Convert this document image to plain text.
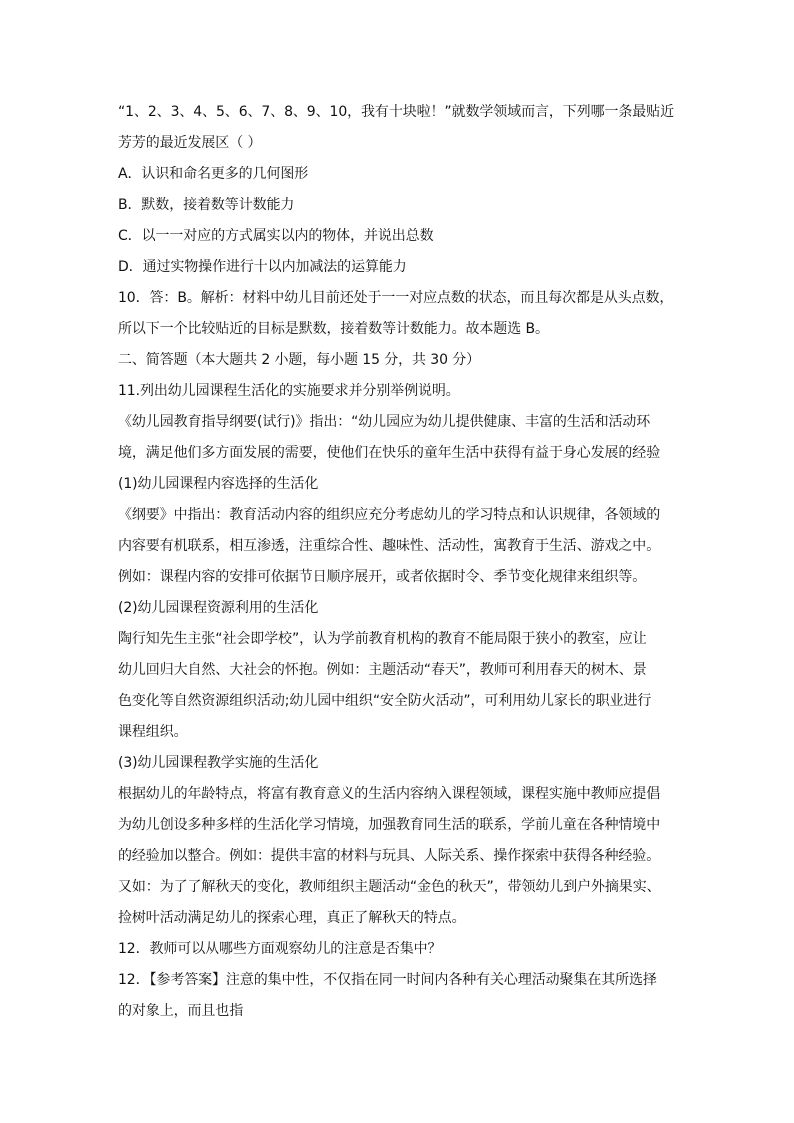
“1、2、3、4、5、6、7、8、9、10，我有十块啦！”就数学领域而言，下列哪一条最贴近
芳芳的最近发展区（ ）
A．认识和命名更多的几何图形
B．默数，接着数等计数能力
C．以一一对应的方式属实以内的物体，并说出总数
D．通过实物操作进行十以内加减法的运算能力
10．答：B。解析：材料中幼儿目前还处于一一对应点数的状态，而且每次都是从头点数，
所以下一个比较贴近的目标是默数，接着数等计数能力。故本题选 B。
二、简答题（本大题共 2 小题，每小题 15 分，共 30 分）
11.列出幼儿园课程生活化的实施要求并分别举例说明。
《幼儿园教育指导纲要(试行)》指出：“幼儿园应为幼儿提供健康、丰富的生活和活动环
境，满足他们多方面发展的需要，使他们在快乐的童年生活中获得有益于身心发展的经验
(1)幼儿园课程内容选择的生活化
《纲要》中指出：教育活动内容的组织应充分考虑幼儿的学习特点和认识规律，各领域的
内容要有机联系，相互渗透，注重综合性、趣味性、活动性，寓教育于生活、游戏之中。
例如：课程内容的安排可依据节日顺序展开，或者依据时令、季节变化规律来组织等。
(2)幼儿园课程资源利用的生活化
陶行知先生主张“社会即学校”，认为学前教育机构的教育不能局限于狭小的教室，应让
幼儿回归大自然、大社会的怀抱。例如：主题活动“春天”，教师可利用春天的树木、景
色变化等自然资源组织活动;幼儿园中组织“安全防火活动”，可利用幼儿家长的职业进行
课程组织。
(3)幼儿园课程教学实施的生活化
根据幼儿的年龄特点，将富有教育意义的生活内容纳入课程领域，课程实施中教师应提倡
为幼儿创设多种多样的生活化学习情境，加强教育同生活的联系，学前儿童在各种情境中
的经验加以整合。例如：提供丰富的材料与玩具、人际关系、操作探索中获得各种经验。
又如：为了了解秋天的变化，教师组织主题活动“金色的秋天”，带领幼儿到户外摘果实、
捡树叶活动满足幼儿的探索心理，真正了解秋天的特点。
12．教师可以从哪些方面观察幼儿的注意是否集中？
12．【参考答案】注意的集中性，不仅指在同一时间内各种有关心理活动聚集在其所选择
的对象上，而且也指
